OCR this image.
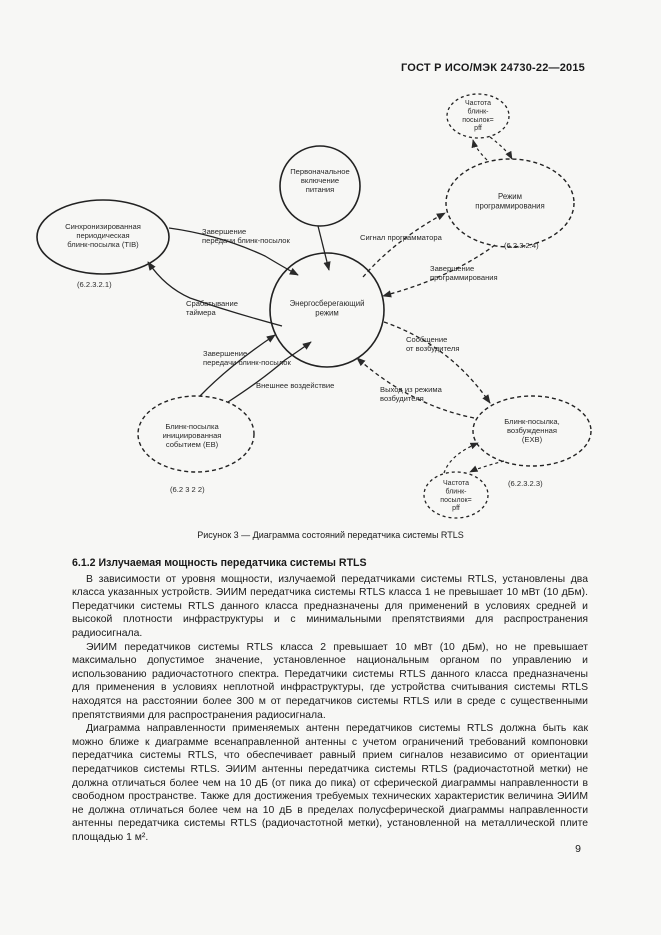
ГОСТ Р ИСО/МЭК 24730-22—2015
Первоначальное включение питания
Синхронизированная периодическая блинк-посылка (TIB)
(6.2.3.2.1)
Энергосберегающий режим
Режим программирования
(6.2.3.2.4)
Частота блинк-посылок= pff
Блинк-посылка инициированная событием (EB)
(6.2 3 2 2)
Блинк-посылка, возбужденная (EXB)
(6.2.3.2.3)
Частота блинк-посылок= pff
Завершение передачи блинк-посылок
Срабатывание таймера
Сигнал программатора
Завершение программирования
Сообщение от возбудителя
Выход из режима возбудителя
Завершение передачи блинк-посылок
Внешнее воздействие
Рисунок 3 — Диаграмма состояний передатчика системы RTLS
6.1.2 Излучаемая мощность передатчика системы RTLS

В зависимости от уровня мощности, излучаемой передатчиками системы RTLS, установлены два класса указанных устройств. ЭИИМ передатчика системы RTLS класса 1 не превышает 10 мВт (10 дБм). Передатчики системы RTLS данного класса предназначены для применений в условиях средней и высокой плотности инфраструктуры и с минимальными препятствиями для распространения радиосигнала.

ЭИИМ передатчиков системы RTLS класса 2 превышает 10 мВт (10 дБм), но не превышает максимально допустимое значение, установленное национальным органом по управлению и использованию радиочастотного спектра. Передатчики системы RTLS данного класса предназначены для применения в условиях неплотной инфраструктуры, где устройства считывания системы RTLS находятся на расстоянии более 300 м от передатчиков системы RTLS или в среде с существенными препятствиями для распространения радиосигнала.

Диаграмма направленности применяемых антенн передатчиков системы RTLS должна быть как можно ближе к диаграмме всенаправленной антенны с учетом ограничений требований компоновки передатчика системы RTLS, что обеспечивает равный прием сигналов независимо от ориентации передатчиков системы RTLS. ЭИИМ антенны передатчика системы RTLS (радиочастотной метки) не должна отличаться более чем на 10 дБ (от пика до пика) от сферической диаграммы направленности в свободном пространстве. Также для достижения требуемых технических характеристик величина ЭИИМ не должна отличаться более чем на 10 дБ в пределах полусферической диаграммы направленности антенны передатчика системы RTLS (радиочастотной метки), установленной на металлической плите площадью 1 м².

9
